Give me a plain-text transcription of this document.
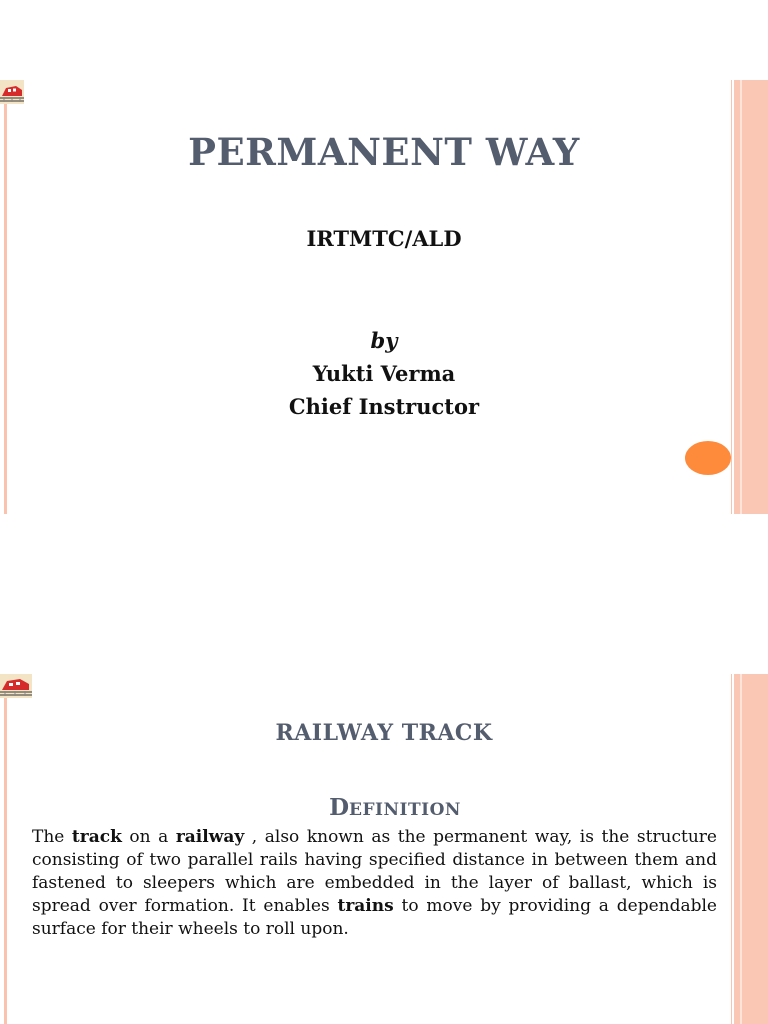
PERMANENT WAY
IRTMTC/ALD
by
Yukti Verma
Chief Instructor
RAILWAY TRACK
DEFINITION
The track on a railway , also known as the permanent way, is the structure consisting of two parallel rails having specified distance in between them and fastened to sleepers which are embedded in the layer of ballast, which is spread over formation. It enables trains to move by providing a dependable surface for their wheels to roll upon.
